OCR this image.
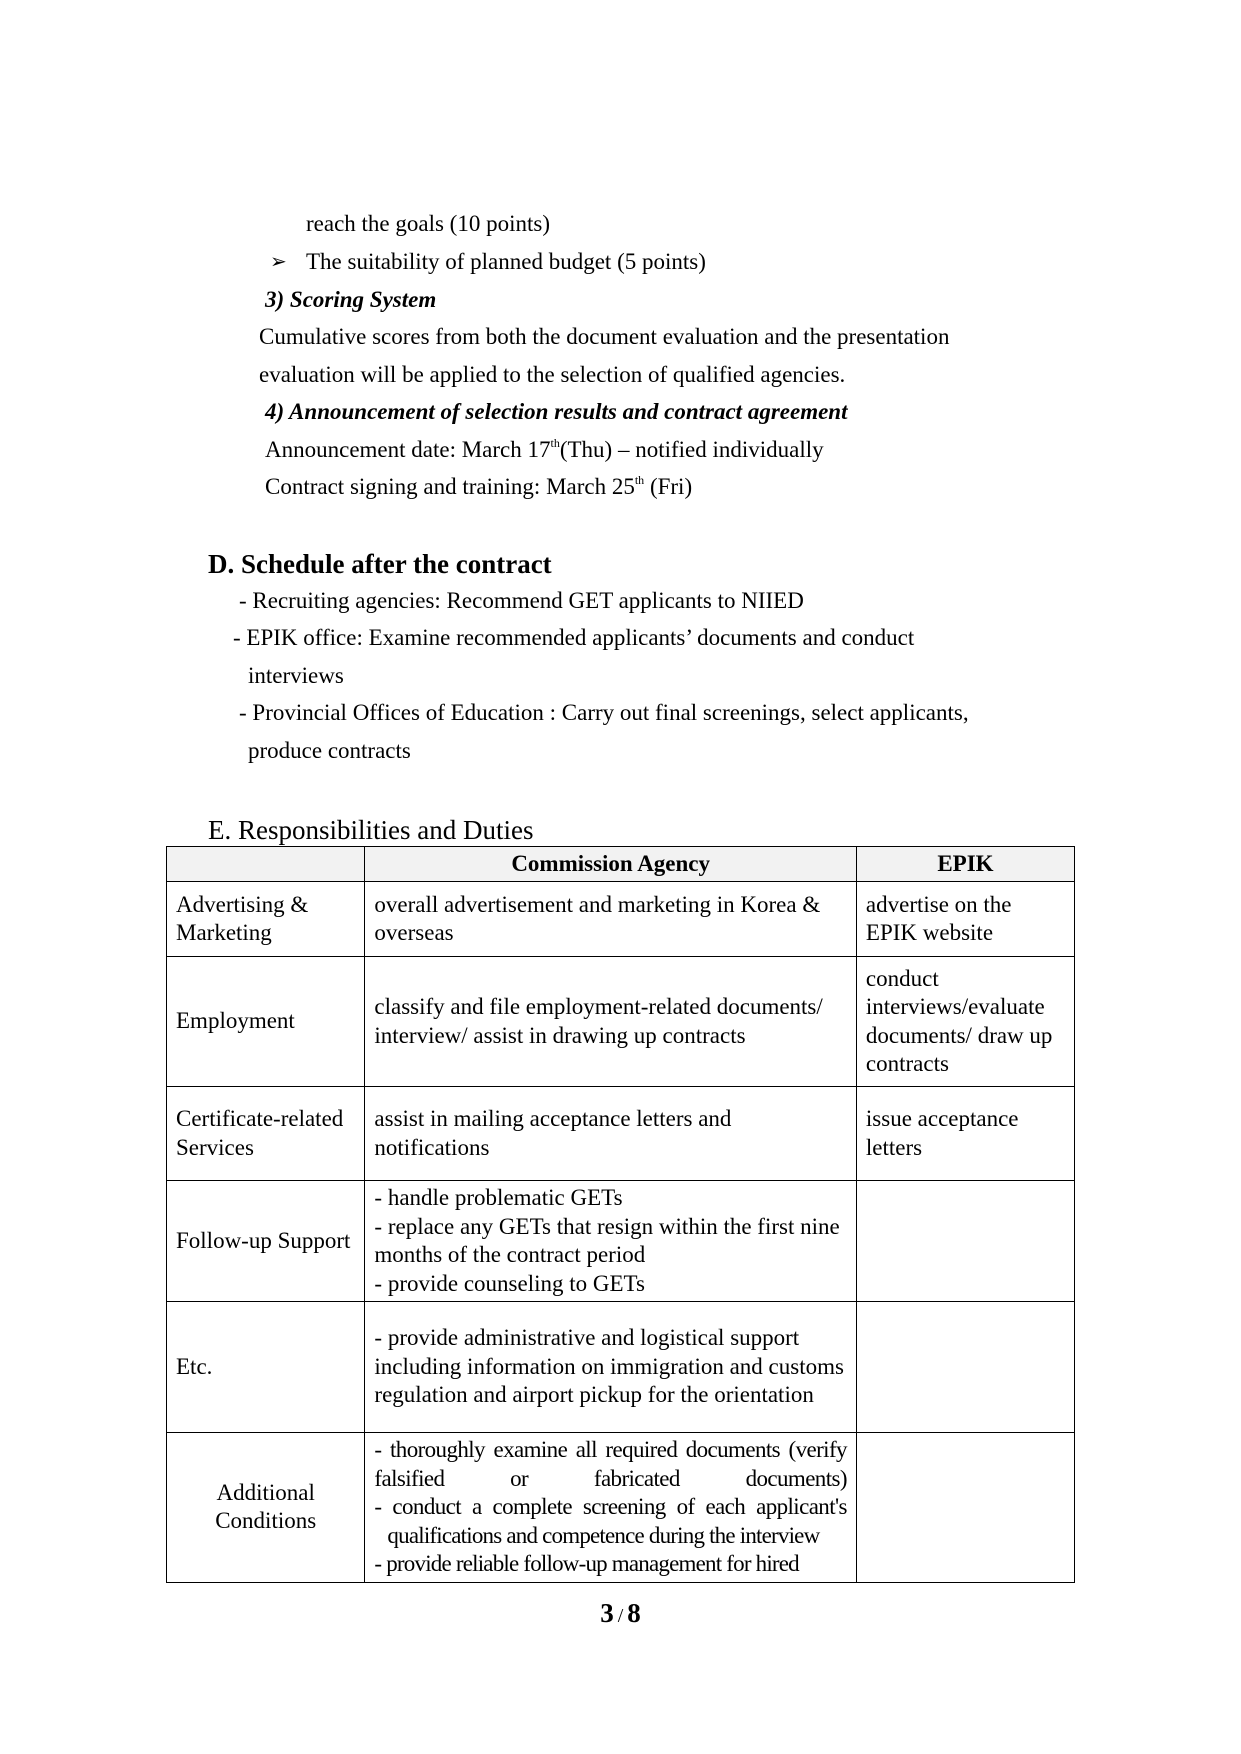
reach the goals (10 points)
➢ The suitability of planned budget (5 points)
3) Scoring System
Cumulative scores from both the document evaluation and the presentation
evaluation will be applied to the selection of qualified agencies.
4) Announcement of selection results and contract agreement
Announcement date: March 17th(Thu) – notified individually
Contract signing and training: March 25th (Fri)
D. Schedule after the contract
- Recruiting agencies: Recommend GET applicants to NIIED
- EPIK office: Examine recommended applicants’ documents and conduct
interviews
- Provincial Offices of Education : Carry out final screenings, select applicants,
produce contracts
E. Responsibilities and Duties
	Commission Agency	EPIK
Advertising & Marketing	overall advertisement and marketing in Korea & overseas	advertise on the EPIK website
Employment	classify and file employment-related documents/ interview/ assist in drawing up contracts	conduct interviews/evaluate documents/ draw up contracts
Certificate-related Services	assist in mailing acceptance letters and notifications	issue acceptance letters
Follow-up Support	- handle problematic GETs
- replace any GETs that resign within the first nine months of the contract period
- provide counseling to GETs	

Etc.	- provide administrative and logistical support including information on immigration and customs regulation and airport pickup for the orientation	
Additional Conditions	- thoroughly examine all required documents (verify falsified or fabricated documents)
- conduct a complete screening of each applicant's
qualifications and competence during the interview
- provide reliable follow-up management for hired	

3 / 8
